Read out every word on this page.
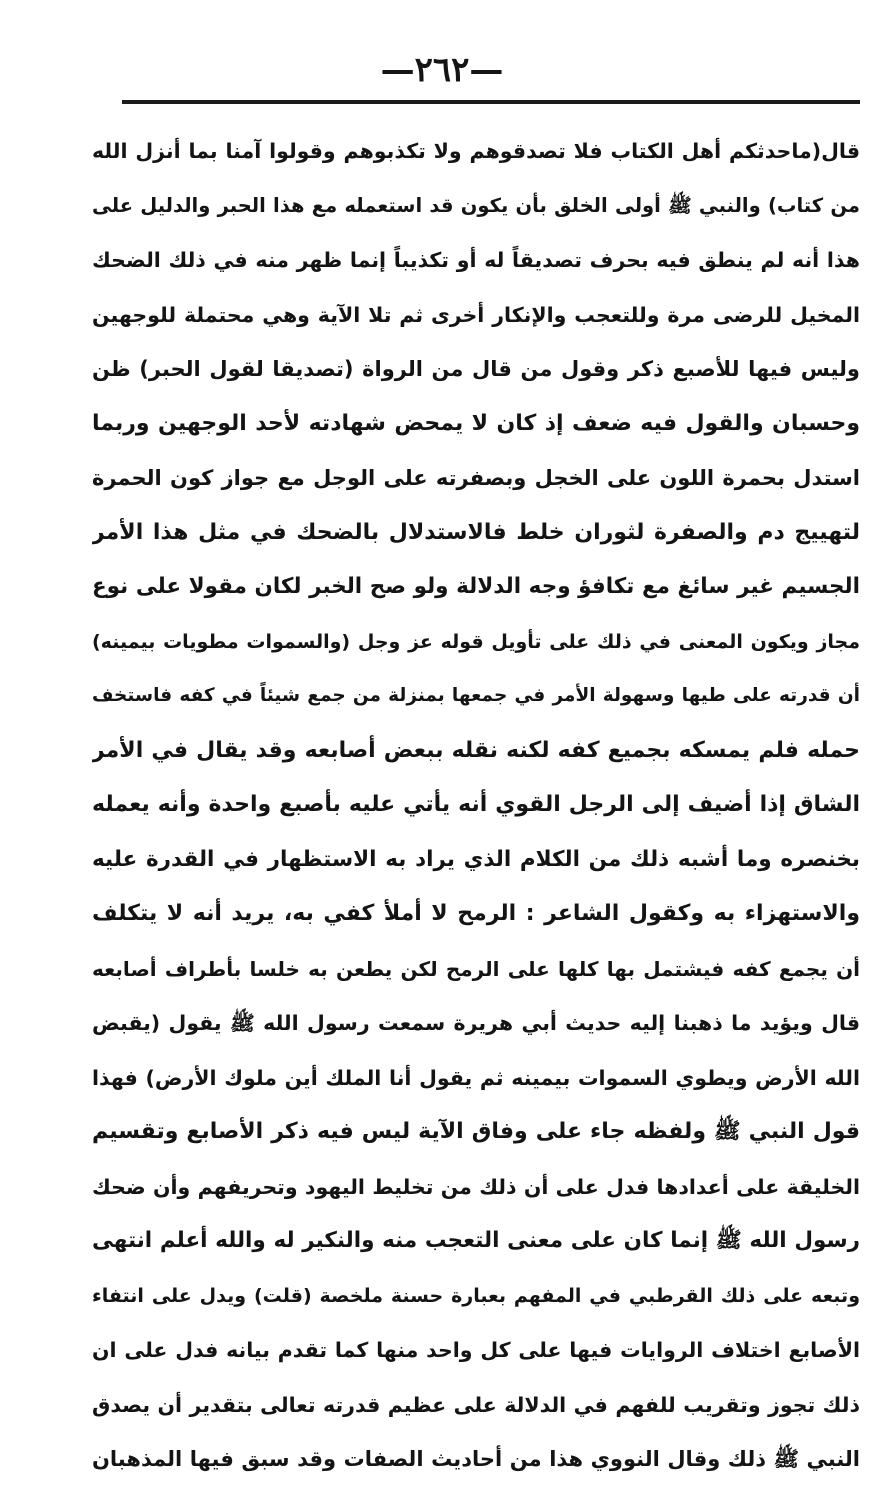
—٢٦٢—
قال(ماحدثكم أهل الكتاب فلا تصدقوهم ولا تكذبوهم وقولوا آمنا بما أنزل الله
من كتاب) والنبي ﷺ أولى الخلق بأن يكون قد استعمله مع هذا الحبر والدليل على
هذا أنه لم ينطق فيه بحرف تصديقاً له أو تكذيباً إنما ظهر منه في ذلك الضحك
المخيل للرضى مرة وللتعجب والإنكار أخرى ثم تلا الآية وهي محتملة للوجهين
وليس فيها للأصبع ذكر وقول من قال من الرواة (تصديقا لقول الحبر) ظن
وحسبان والقول فيه ضعف إذ كان لا يمحض شهادته لأحد الوجهين وربما
استدل بحمرة اللون على الخجل وبصفرته على الوجل مع جواز كون الحمرة
لتهييج دم والصفرة لثوران خلط فالاستدلال بالضحك في مثل هذا الأمر
الجسيم غير سائغ مع تكافؤ وجه الدلالة ولو صح الخبر لكان مقولا على نوع
مجاز ويكون المعنى في ذلك على تأويل قوله عز وجل (والسموات مطويات بيمينه)
أن قدرته على طيها وسهولة الأمر في جمعها بمنزلة من جمع شيئاً في كفه فاستخف
حمله فلم يمسكه بجميع كفه لكنه نقله ببعض أصابعه وقد يقال في الأمر
الشاق إذا أضيف إلى الرجل القوي أنه يأتي عليه بأصبع واحدة وأنه يعمله
بخنصره وما أشبه ذلك من الكلام الذي يراد به الاستظهار في القدرة عليه
والاستهزاء به وكقول الشاعر : الرمح لا أملأ كفي به، يريد أنه لا يتكلف
أن يجمع كفه فيشتمل بها كلها على الرمح لكن يطعن به خلسا بأطراف أصابعه
قال ويؤيد ما ذهبنا إليه حديث أبي هريرة سمعت رسول الله ﷺ يقول (يقبض
الله الأرض ويطوي السموات بيمينه ثم يقول أنا الملك أين ملوك الأرض) فهذا
قول النبي ﷺ ولفظه جاء على وفاق الآية ليس فيه ذكر الأصابع وتقسيم
الخليقة على أعدادها فدل على أن ذلك من تخليط اليهود وتحريفهم وأن ضحك
رسول الله ﷺ إنما كان على معنى التعجب منه والنكير له والله أعلم انتهى
وتبعه على ذلك القرطبي في المفهم بعبارة حسنة ملخصة (قلت) ويدل على انتفاء
الأصابع اختلاف الروايات فيها على كل واحد منها كما تقدم بيانه فدل على ان
ذلك تجوز وتقريب للفهم في الدلالة على عظيم قدرته تعالى بتقدير أن يصدق
النبي ﷺ ذلك وقال النووي هذا من أحاديث الصفات وقد سبق فيها المذهبان
